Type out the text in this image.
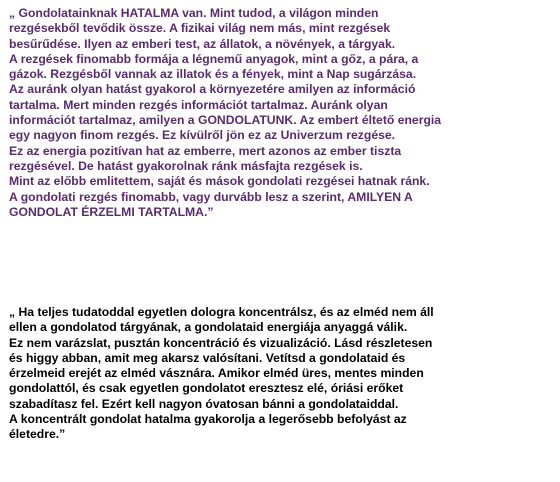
„ Gondolatainknak HATALMA van. Mint tudod, a világon minden
rezgésekből tevődik össze. A fizikai világ nem más, mint rezgések
besűrűdése. Ilyen az emberi test, az állatok, a növények, a tárgyak.
A rezgések finomabb formája a légnemű anyagok, mint a gőz, a pára, a
gázok. Rezgésből vannak az illatok és a fények, mint a Nap sugárzása.
Az auránk olyan hatást gyakorol a környezetére amilyen az információ
tartalma. Mert minden rezgés információt tartalmaz. Auránk olyan
információt tartalmaz, amilyen a GONDOLATUNK. Az embert éltető energia
egy nagyon finom rezgés. Ez kívülről jön ez az Univerzum rezgése.
Ez az energia pozitívan hat az emberre, mert azonos az ember tiszta
rezgésével. De hatást gyakorolnak ránk másfajta rezgések is.
Mint az előbb emlitettem, saját és mások gondolati rezgései hatnak ránk.
A gondolati rezgés finomabb, vagy durvább lesz a szerint, AMILYEN A
GONDOLAT ÉRZELMI TARTALMA.”
„ Ha teljes tudatoddal egyetlen dologra koncentrálsz, és az elméd nem áll
ellen a gondolatod tárgyának, a gondolataid energiája anyaggá válik.
Ez nem varázslat, pusztán koncentráció és vizualizáció. Lásd részletesen
és higgy abban, amit meg akarsz valósítani. Vetítsd a gondolataid és
érzelmeid erejét az elméd vásznára. Amikor elméd üres, mentes minden
gondolattól, és csak egyetlen gondolatot eresztesz elé, óriási erőket
szabadítasz fel. Ezért kell nagyon óvatosan bánni a gondolataiddal.
A koncentrált gondolat hatalma gyakorolja a legerősebb befolyást az
életedre.”
